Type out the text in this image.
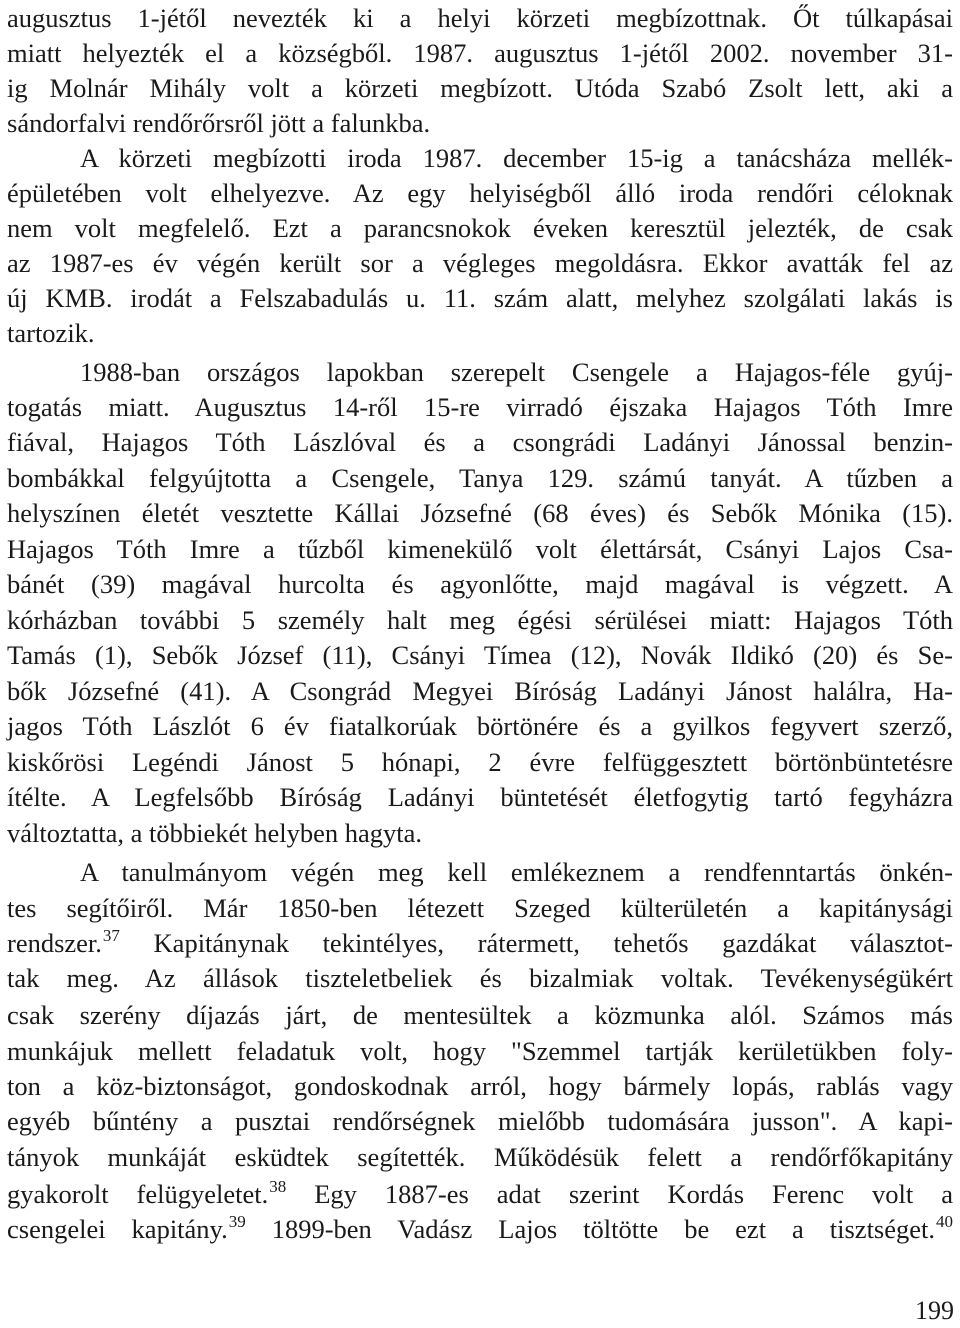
augusztus 1-jétől nevezték ki a helyi körzeti megbízottnak. Őt túlkapásai
miatt helyezték el a községből. 1987. augusztus 1-jétől 2002. november 31-
ig Molnár Mihály volt a körzeti megbízott. Utóda Szabó Zsolt lett, aki a
sándorfalvi rendőrőrsről jött a falunkba.
A körzeti megbízotti iroda 1987. december 15-ig a tanácsháza mellék-
épületében volt elhelyezve. Az egy helyiségből álló iroda rendőri céloknak
nem volt megfelelő. Ezt a parancsnokok éveken keresztül jelezték, de csak
az 1987-es év végén került sor a végleges megoldásra. Ekkor avatták fel az
új KMB. irodát a Felszabadulás u. 11. szám alatt, melyhez szolgálati lakás is
tartozik.
1988-ban országos lapokban szerepelt Csengele a Hajagos-féle gyúj-
togatás miatt. Augusztus 14-ről 15-re virradó éjszaka Hajagos Tóth Imre
fiával, Hajagos Tóth Lászlóval és a csongrádi Ladányi Jánossal benzin-
bombákkal felgyújtotta a Csengele, Tanya 129. számú tanyát. A tűzben a
helyszínen életét vesztette Kállai Józsefné (68 éves) és Sebők Mónika (15).
Hajagos Tóth Imre a tűzből kimenekülő volt élettársát, Csányi Lajos Csa-
bánét (39) magával hurcolta és agyonlőtte, majd magával is végzett. A
kórházban további 5 személy halt meg égési sérülései miatt: Hajagos Tóth
Tamás (1), Sebők József (11), Csányi Tímea (12), Novák Ildikó (20) és Se-
bők Józsefné (41). A Csongrád Megyei Bíróság Ladányi Jánost halálra, Ha-
jagos Tóth Lászlót 6 év fiatalkorúak börtönére és a gyilkos fegyvert szerző,
kiskőrösi Legéndi Jánost 5 hónapi, 2 évre felfüggesztett börtönbüntetésre
ítélte. A Legfelsőbb Bíróság Ladányi büntetését életfogytig tartó fegyházra
változtatta, a többiekét helyben hagyta.
A tanulmányom végén meg kell emlékeznem a rendfenntartás önkén-
tes segítőiről. Már 1850-ben létezett Szeged külterületén a kapitánysági
rendszer.$^{37}$ Kapitánynak tekintélyes, rátermett, tehetős gazdákat választot-
tak meg. Az állások tiszteletbeliek és bizalmiak voltak. Tevékenységükért
csak szerény díjazás járt, de mentesültek a közmunka alól. Számos más
munkájuk mellett feladatuk volt, hogy "Szemmel tartják kerületükben foly-
ton a köz-biztonságot, gondoskodnak arról, hogy bármely lopás, rablás vagy
egyéb bűntény a pusztai rendőrségnek mielőbb tudomására jusson". A kapi-
tányok munkáját esküdtek segítették. Működésük felett a rendőrfőkapitány
gyakorolt felügyeletet.$^{38}$ Egy 1887-es adat szerint Kordás Ferenc volt a
csengelei kapitány.$^{39}$ 1899-ben Vadász Lajos töltötte be ezt a tisztséget.$^{40}$
199
